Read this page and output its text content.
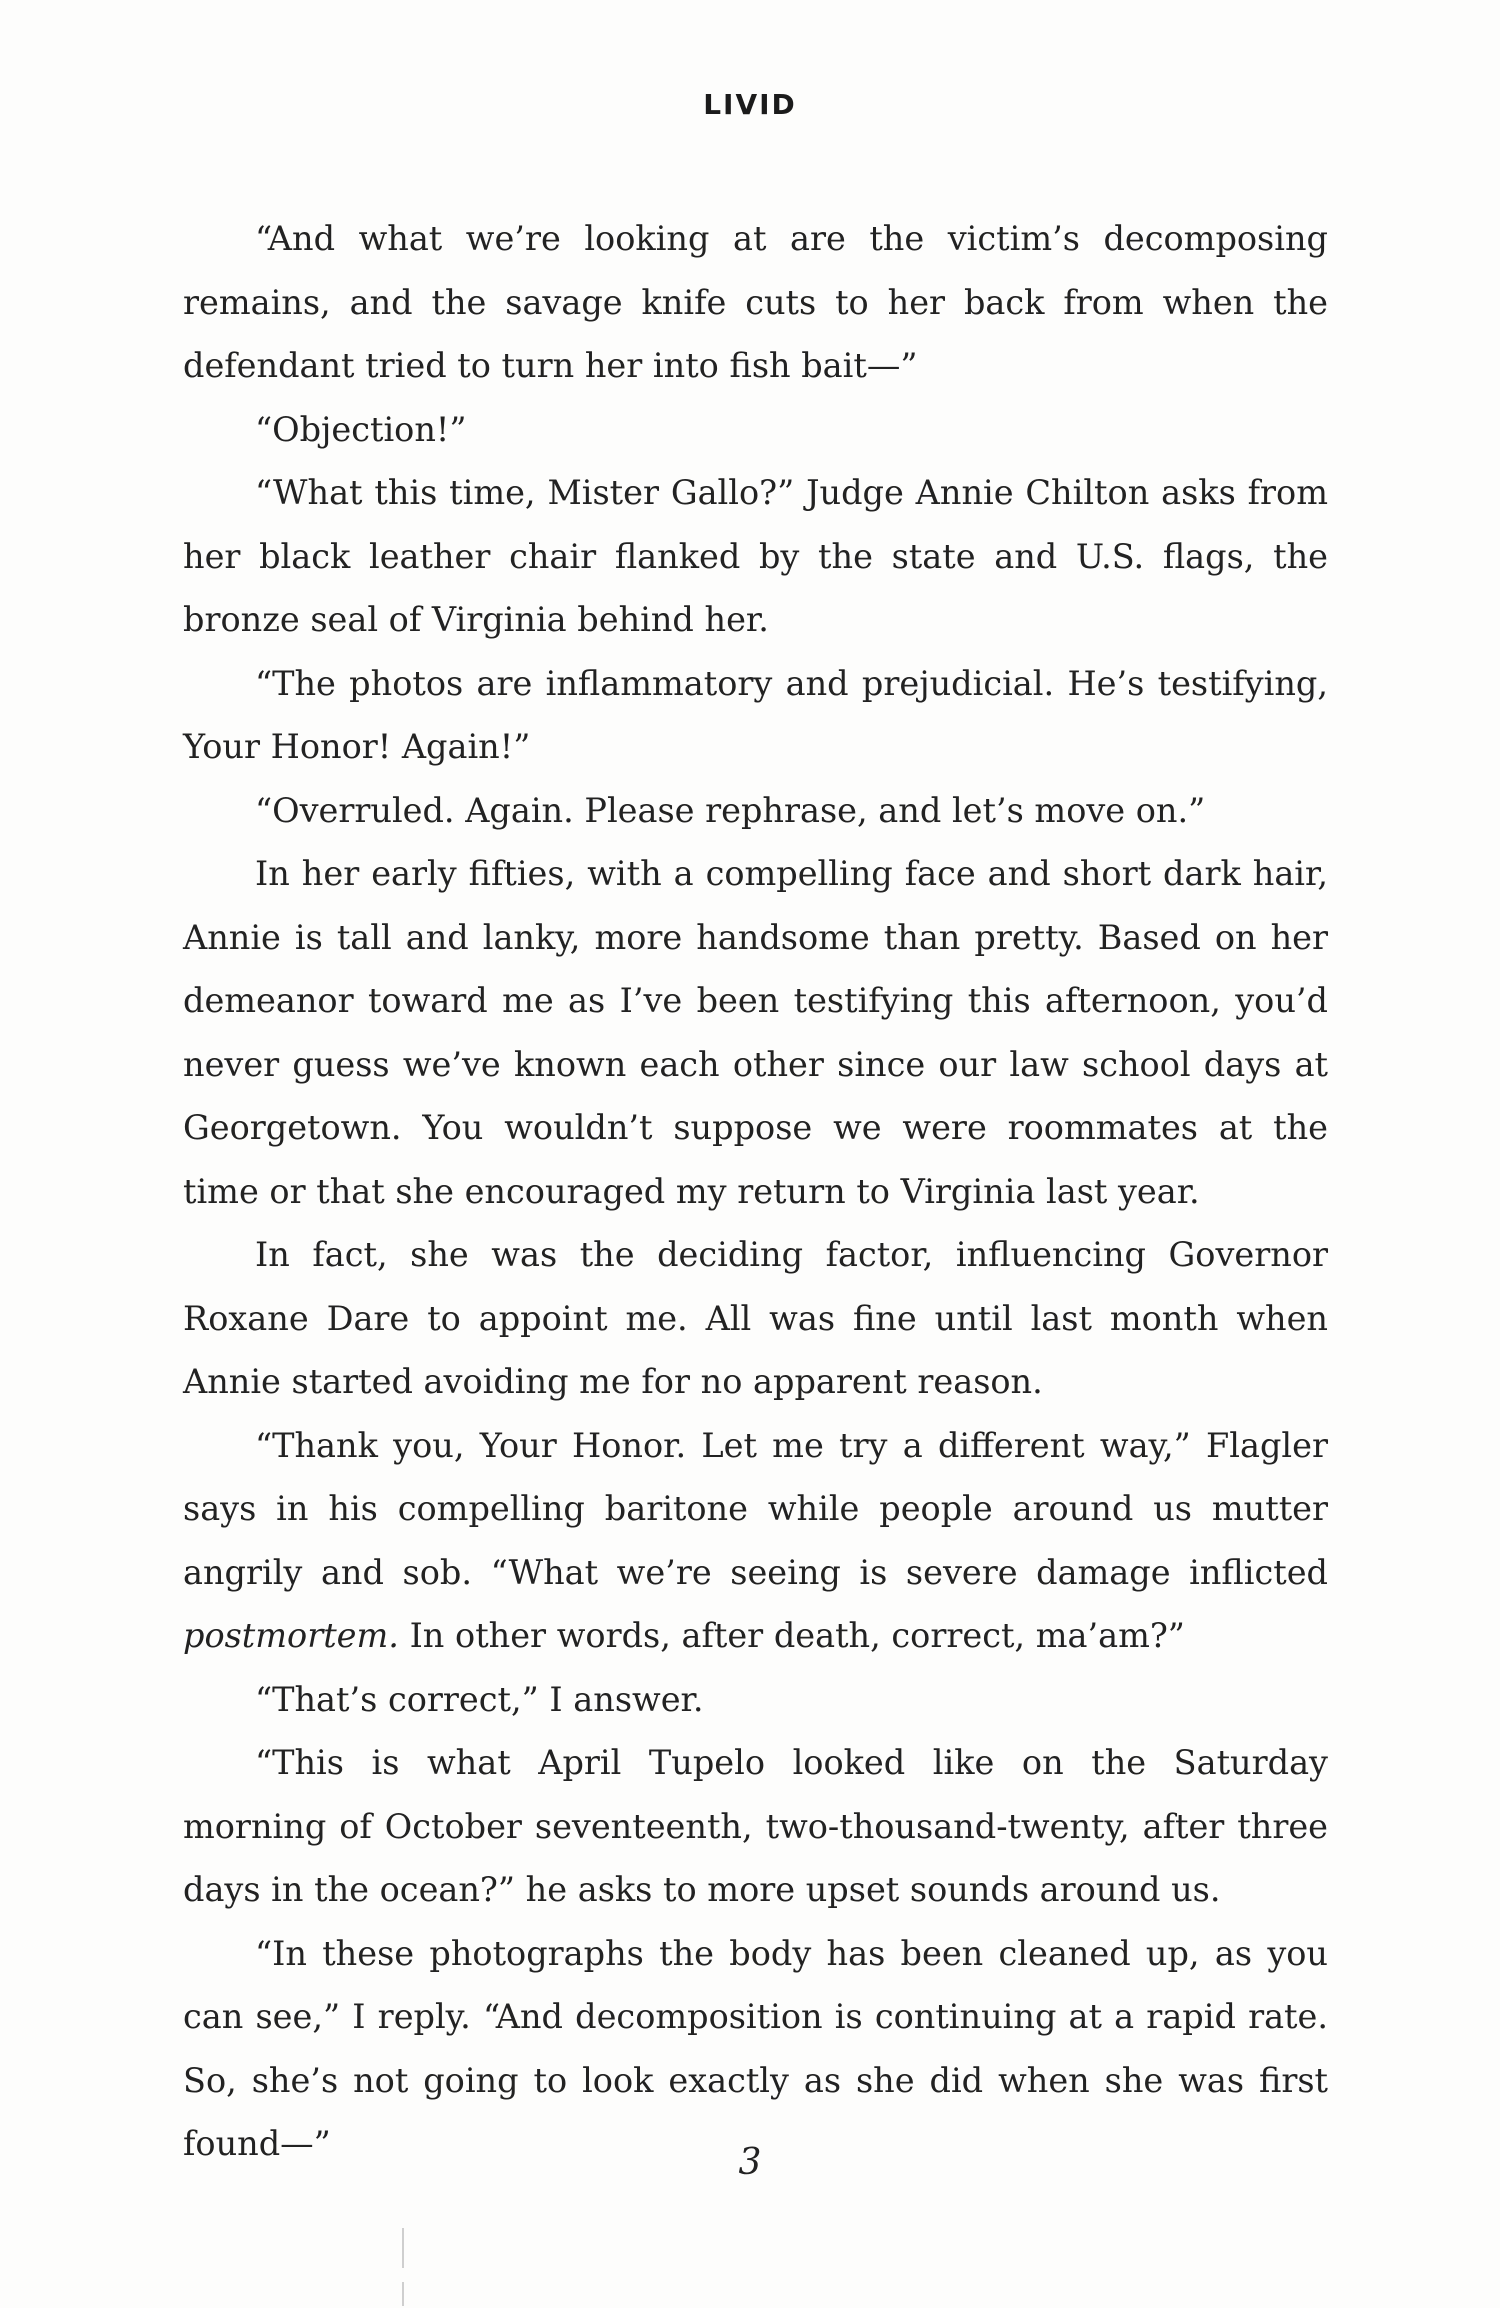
LIVID

“And what we’re looking at are the victim’s decomposing remains, and the savage knife cuts to her back from when the defendant tried to turn her into fish bait—”

“Objection!”

“What this time, Mister Gallo?” Judge Annie Chilton asks from her black leather chair flanked by the state and U.S. flags, the bronze seal of Virginia behind her.

“The photos are inflammatory and prejudicial. He’s testifying, Your Honor! Again!”

“Overruled. Again. Please rephrase, and let’s move on.”

In her early fifties, with a compelling face and short dark hair, Annie is tall and lanky, more handsome than pretty. Based on her demeanor toward me as I’ve been testifying this afternoon, you’d never guess we’ve known each other since our law school days at Georgetown. You wouldn’t suppose we were roommates at the time or that she encouraged my return to Virginia last year.

In fact, she was the deciding factor, influencing Governor Roxane Dare to appoint me. All was fine until last month when Annie started avoiding me for no apparent reason.

“Thank you, Your Honor. Let me try a different way,” Flagler says in his compelling baritone while people around us mutter angrily and sob. “What we’re seeing is severe damage inflicted postmortem. In other words, after death, correct, ma’am?”

“That’s correct,” I answer.

“This is what April Tupelo looked like on the Saturday morning of October seventeenth, two-thousand-twenty, after three days in the ocean?” he asks to more upset sounds around us.

“In these photographs the body has been cleaned up, as you can see,” I reply. “And decomposition is continuing at a rapid rate. So, she’s not going to look exactly as she did when she was first found—”	3
